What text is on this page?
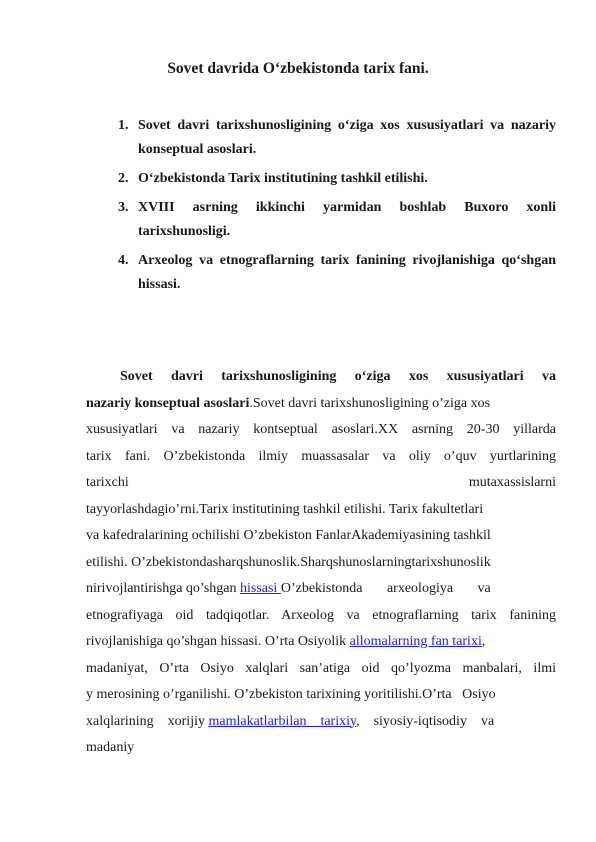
Sovet davrida O‘zbekistonda tarix fani.
1. Sovet davri tarixshunosligining o‘ziga xos xususiyatlari va nazariy konseptual asoslari.
2. O‘zbekistonda Tarix institutining tashkil etilishi.
3. XVIII asrning ikkinchi yarmidan boshlab Buxoro xonli tarixshunosligi.
4. Arxeolog va etnograflarning tarix fanining rivojlanishiga qo‘shgan hissasi.
Sovet davri tarixshunosligining o‘ziga xos xususiyatlari va
nazariy konseptual asoslari.Sovet davri tarixshunosligining o’ziga xos
xususiyatlari va nazariy kontseptual asoslari.XX asrning 20-30 yillarda
tarix fani. O’zbekistonda ilmiy muassasalar va oliy o’quv yurtlarining
tarixchi	mutaxassislarni
tayyorlashdagio’rni.Tarix institutining tashkil etilishi. Tarix fakultetlari
va kafedralarining ochilishi O’zbekiston FanlarAkademiyasining tashkil
etilishi. O’zbekistondasharqshunoslik.Sharqshunoslarningtarixshunoslik
nirivojlantirishga qo’shgan hissasi O’zbekistonda       arxeologiya       va
etnografiyaga oid tadqiqotlar. Arxeolog va etnograflarning tarix fanining
rivojlanishiga qo’shgan hissasi. O’rta Osiyolik allomalarning fan tarixi,
madaniyat, O’rta Osiyo xalqlari san’atiga oid qo’lyozma manbalari, ilmi
y merosining o’rganilishi. O’zbekiston tarixining yoritilishi.O’rta   Osiyo
xalqlarining    xorijiy mamlakatlarbilan    tarixiy,    siyosiy-iqtisodiy    va
madaniy
